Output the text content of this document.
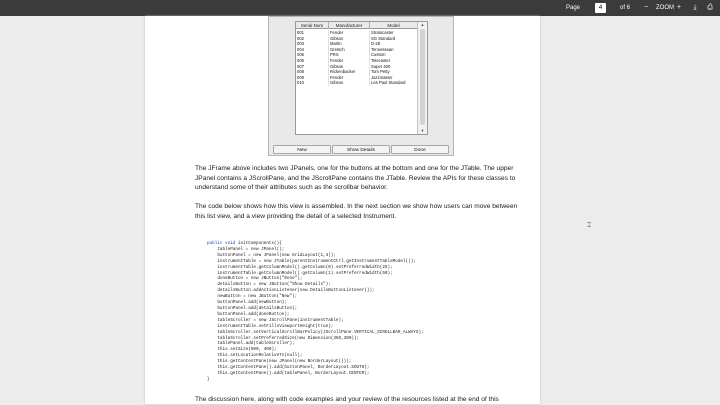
Page	4	of 6	−	ZOOM +	⤓	⎙
Serial Num	Manufacturer	Model
001	Fender	Stratocaster
002	Gibson	SG Standard
003	Martin	D-28
004	Gretsch	Tennessean
005	PRS	Custom
006	Fender	Telecaster
007	Gibson	Super 400
008	Rickenbacker	Tom Petty
009	Fender	Jazzmaster
010	Gibson	Les Paul Standard
▲
▼
New	Show Details	Done

The JFrame above includes two JPanels, one for the buttons at the bottom and one for the JTable. The upper JPanel contains a JScrollPane, and the JScrollPane contains the JTable. Review the APIs for these classes to understand some of their attributes such as the scrollbar behavior.

The code below shows how this view is assembled. In the next section we show how users can move between this list view, and a view providing the detail of a selected Instrument.

public void initComponents(){
tablePanel = new JPanel();
buttonPanel = new JPanel(new GridLayout(1,4));
instrumentTable = new JTable(parentInstrumentCtrl.getInstrumentTableModel());
instrumentTable.getColumnModel().getColumn(0).setPreferredWidth(25);
instrumentTable.getColumnModel().getColumn(1).setPreferredWidth(50);
doneButton = new JButton("Done");
detailsButton = new JButton("Show Details");
detailsButton.addActionListener(new DetailsButtonListener());
newButton = new JButton("New");
buttonPanel.add(newButton);
buttonPanel.add(detailsButton);
buttonPanel.add(doneButton);
tableScroller = new JScrollPane(instrumentTable);
instrumentTable.setFillsViewportHeight(true);
tableScroller.setVerticalScrollBarPolicy(JScrollPane.VERTICAL_SCROLLBAR_ALWAYS);
tableScroller.setPreferredSize(new Dimension(350,300));
tablePanel.add(tableScroller);
this.setSize(500, 400);
this.setLocationRelativeTo(null);
this.getContentPane(new JPanel(new BorderLayout()));
this.getContentPane().add(buttonPanel, BorderLayout.SOUTH);
this.getContentPane().add(tablePanel, BorderLayout.CENTER);
}

The discussion here, along with code examples and your review of the resources listed at the end of this

⌶
